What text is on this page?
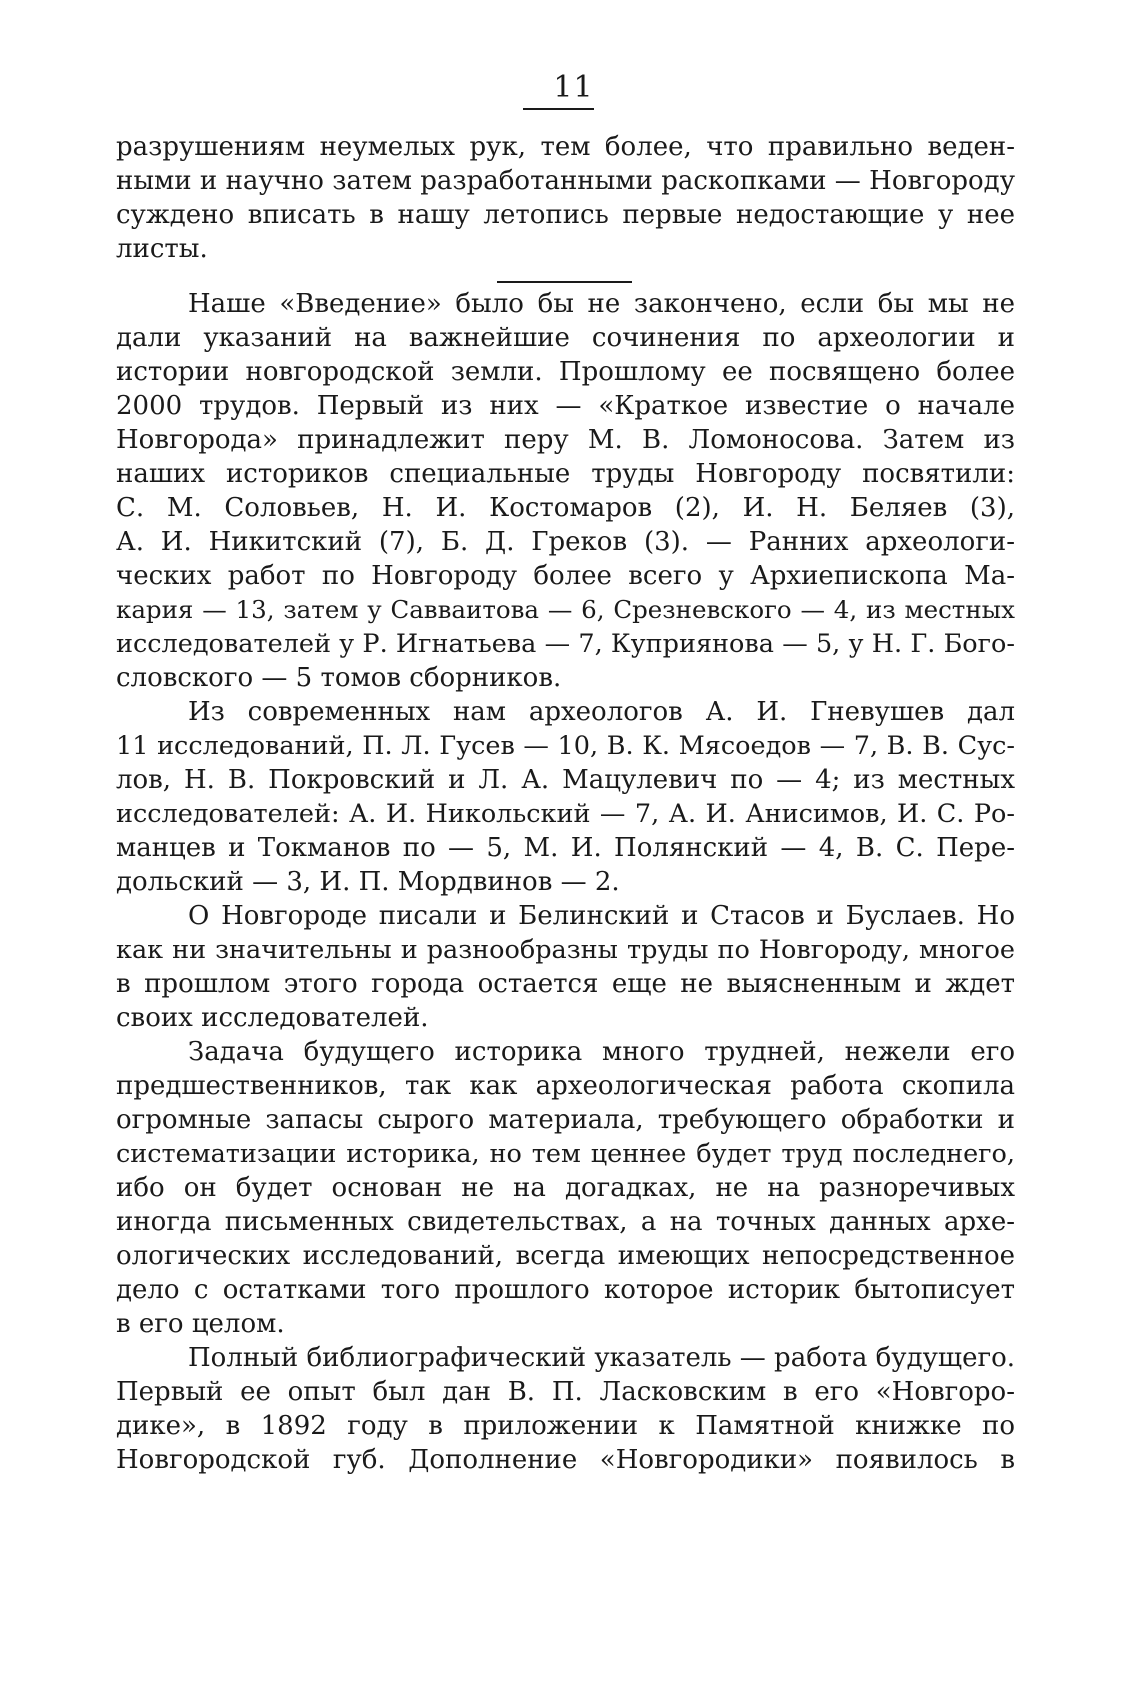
11
разрушениям неумелых рук, тем более, что правильно веден-
ными и научно затем разработанными раскопками — Новгороду
суждено вписать в нашу летопись первые недостающие у нее
листы.
Наше «Введение» было бы не закончено, если бы мы не
дали указаний на важнейшие сочинения по археологии и
истории новгородской земли. Прошлому ее посвящено более
2000 трудов. Первый из них — «Краткое известие о начале
Новгорода» принадлежит перу М. В. Ломоносова. Затем из
наших историков специальные труды Новгороду посвятили:
С. М. Соловьев, Н. И. Костомаров (2), И. Н. Беляев (3),
А. И. Никитский (7), Б. Д. Греков (3). — Ранних археологи-
ческих работ по Новгороду более всего у Архиепископа Ма-
кария — 13, затем у Савваитова — 6, Срезневского — 4, из местных
исследователей у Р. Игнатьева — 7, Куприянова — 5, у Н. Г. Бого-
словского — 5 томов сборников.
Из современных нам археологов А. И. Гневушев дал
11 исследований, П. Л. Гусев — 10, В. К. Мясоедов — 7, В. В. Сус-
лов, Н. В. Покровский и Л. А. Мацулевич по — 4; из местных
исследователей: А. И. Никольский — 7, А. И. Анисимов, И. С. Ро-
манцев и Токманов по — 5, М. И. Полянский — 4, В. С. Пере-
дольский — 3, И. П. Мордвинов — 2.
О Новгороде писали и Белинский и Стасов и Буслаев. Но
как ни значительны и разнообразны труды по Новгороду, многое
в прошлом этого города остается еще не выясненным и ждет
своих исследователей.
Задача будущего историка много трудней, нежели его
предшественников, так как археологическая работа скопила
огромные запасы сырого материала, требующего обработки и
систематизации историка, но тем ценнее будет труд последнего,
ибо он будет основан не на догадках, не на разноречивых
иногда письменных свидетельствах, а на точных данных архе-
ологических исследований, всегда имеющих непосредственное
дело с остатками того прошлого которое историк бытописует
в его целом.
Полный библиографический указатель — работа будущего.
Первый ее опыт был дан В. П. Ласковским в его «Новгоро-
дике», в 1892 году в приложении к Памятной книжке по
Новгородской губ. Дополнение «Новгородики» появилось в
